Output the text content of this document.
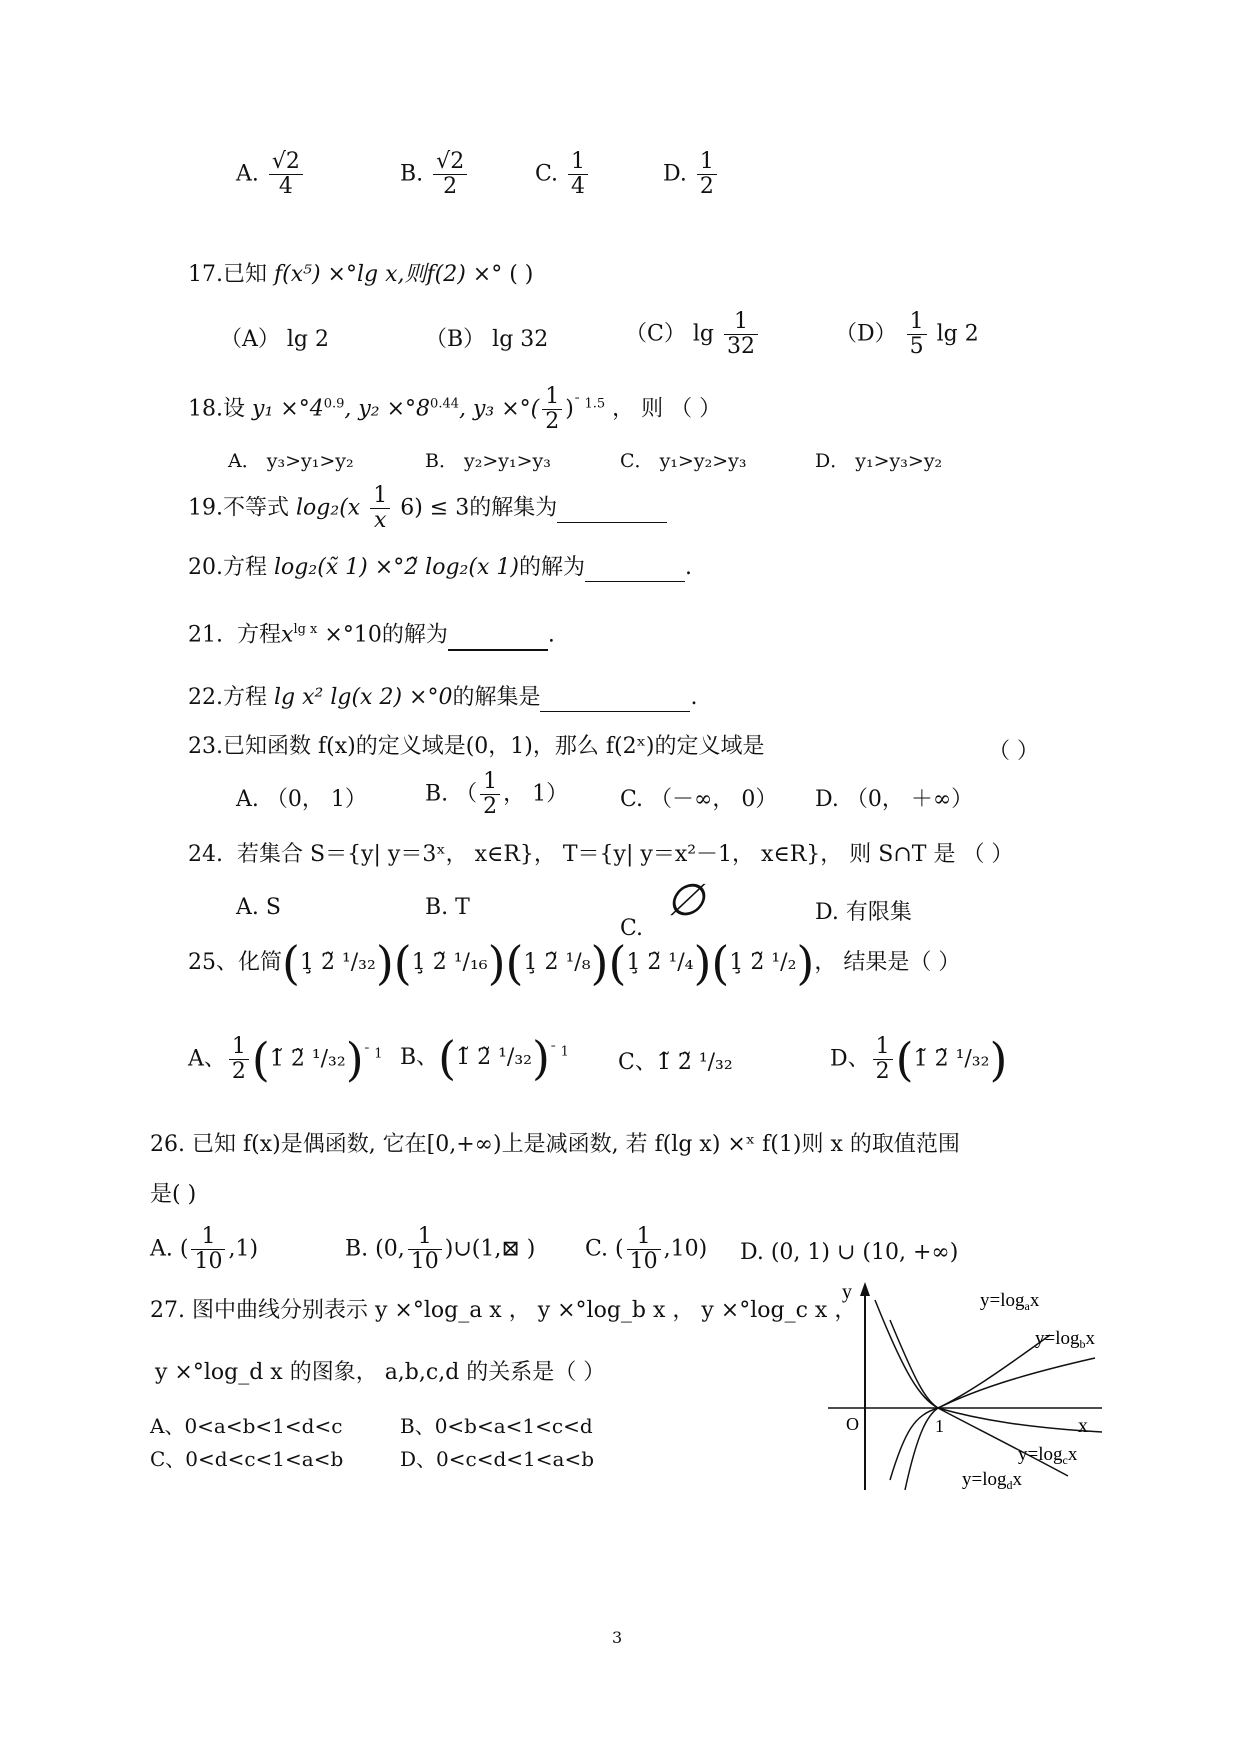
A. $\frac{√2}{4}$	B. $\frac{√2}{2}$	C. $\frac{1}{4}$	D. $\frac{1}{2}$
17.已知 f(x⁵) ×°lg x,则f(2) ×° ( )
（A） lg 2	（B） lg 32	（C） $\lg \frac{1}{32}$	$(D) \frac{1}{5}$ lg 2
18.设 $y_1 \times^\circ 4^{0.9}$, $y_2 \times^\circ 8^{0.44}$, y₃ ×°( $\frac{1}{2} )^{ˉ 1.5}$ ， 则 （ ）
A． y₃>y₁>y₂	B． y₂>y₁>y₃	C． y₁>y₂>y₃	D． y₁>y₃>y₂
19.不等式 $\log_2(x \frac{1}{x} 6) \le 3$的解集为
20.方程 log₂(x̃ 1) ×°2̃ log₂(x 1)的解为	.
21. 方程$x^{lg x} \times^\circ 10$的解为	.
22.方程 lg x² lg(x 2) ×°0的解集是	.
23.已知函数 f(x)的定义域是(0，1)，那么 f(2ˣ)的定义域是	（ ）
A. （0， 1）	B. （ $\frac{1}{2}$ ， 1） C. （－∞， 0） D. （0， ＋∞）
24. 若集合 S＝{y| y＝3ˣ， x∈R}， T＝{y| y＝x²－1， x∈R}， 则 S∩T 是 （ ）
A. S	B. T
C. ∅	D. 有限集
25、化简(1̧ 2̃ ¹/₃₂)(1̧ 2̃ ¹/₁₆)(1̧ 2̃ ¹/₈)(1̧ 2̃ ¹/₄)(1̧ 2̃ ¹/₂)， 结果是（ ）
A、 $\frac{1}{2}$ (1̃ 2̃ ¹/₃₂)$^{ˉ 1}$ B、(1̃ 2̃ ¹/₃₂)$^{ˉ 1}$ C、1̃ 2̃ ¹/₃₂	D、 $\frac{1}{2}$ (1̃ 2̃ ¹/₃₂)
26. 已知 f(x)是偶函数, 它在[0,+∞)上是减函数, 若 f(lg x) ×ˣ f(1)则 x 的取值范围
是( )
A. ( $\frac{1}{10} ,1$)	B. (0, $\frac{1}{10}$ )∪(1,⊠ ) C. ( $\frac{1}{10} ,10$) D. (0, 1) ∪ (10, +∞)
27. 图中曲线分别表示 y ×°log_a x ， y ×°log_b x ， y ×°log_c x ，
y ×°log_d x 的图象， a,b,c,d 的关系是（ ）
A、0<a<b<1<d<c	B、0<b<a<1<c<d
C、0<d<c<1<a<b	D、0<c<d<1<a<b
y
x
O	1
$y=\log_ax$
$y=\log_bx$
$y=\log_cx$
$y=\log_dx$
3
